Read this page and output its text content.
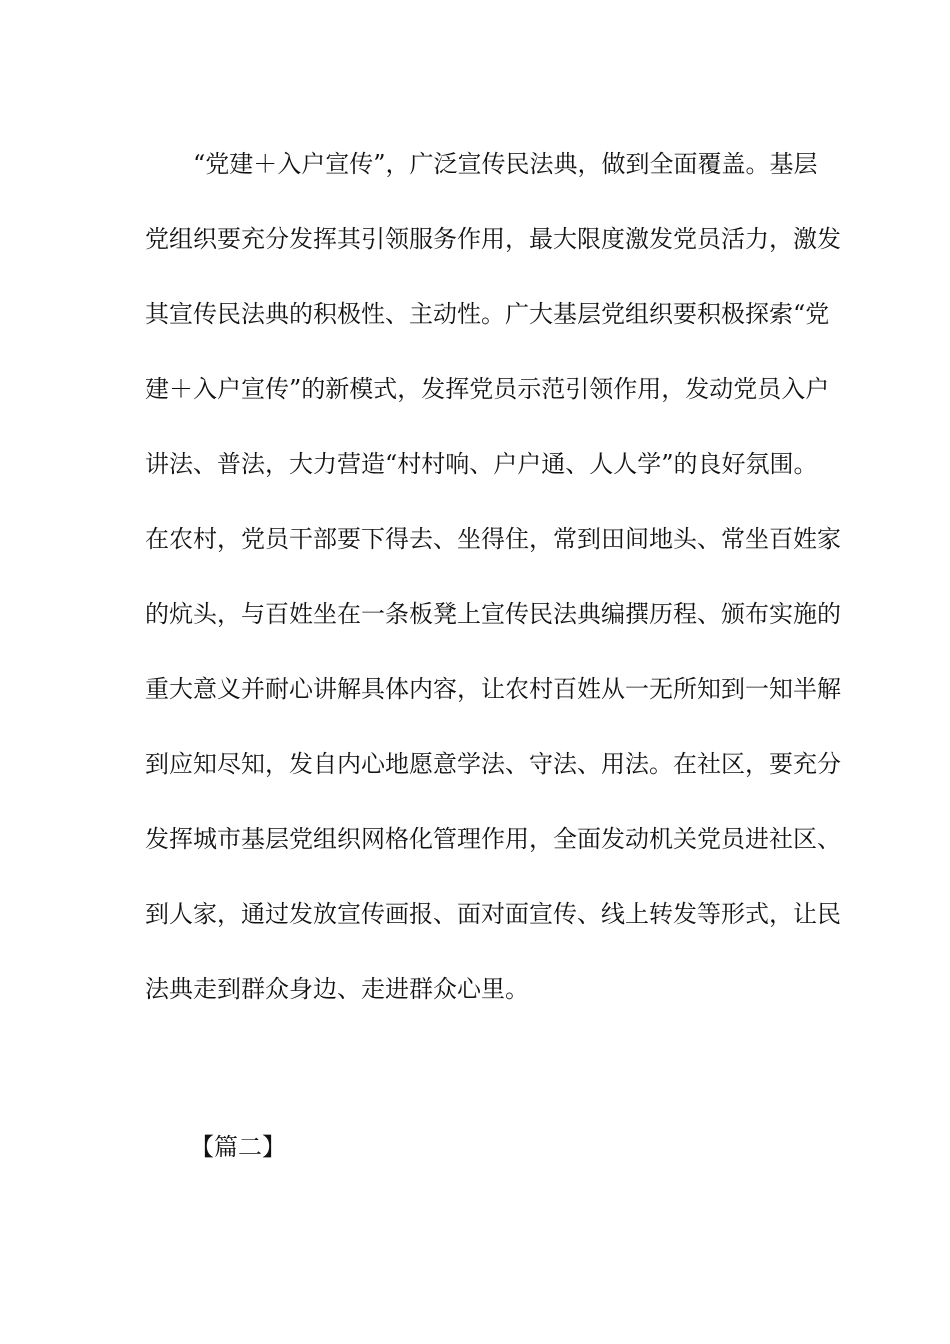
“党建＋入户宣传”，广泛宣传民法典，做到全面覆盖。基层
党组织要充分发挥其引领服务作用，最大限度激发党员活力，激发
其宣传民法典的积极性、主动性。广大基层党组织要积极探索“党
建＋入户宣传”的新模式，发挥党员示范引领作用，发动党员入户
讲法、普法，大力营造“村村响、户户通、人人学”的良好氛围。
在农村，党员干部要下得去、坐得住，常到田间地头、常坐百姓家
的炕头，与百姓坐在一条板凳上宣传民法典编撰历程、颁布实施的
重大意义并耐心讲解具体内容，让农村百姓从一无所知到一知半解
到应知尽知，发自内心地愿意学法、守法、用法。在社区，要充分
发挥城市基层党组织网格化管理作用，全面发动机关党员进社区、
到人家，通过发放宣传画报、面对面宣传、线上转发等形式，让民
法典走到群众身边、走进群众心里。

【篇二】
